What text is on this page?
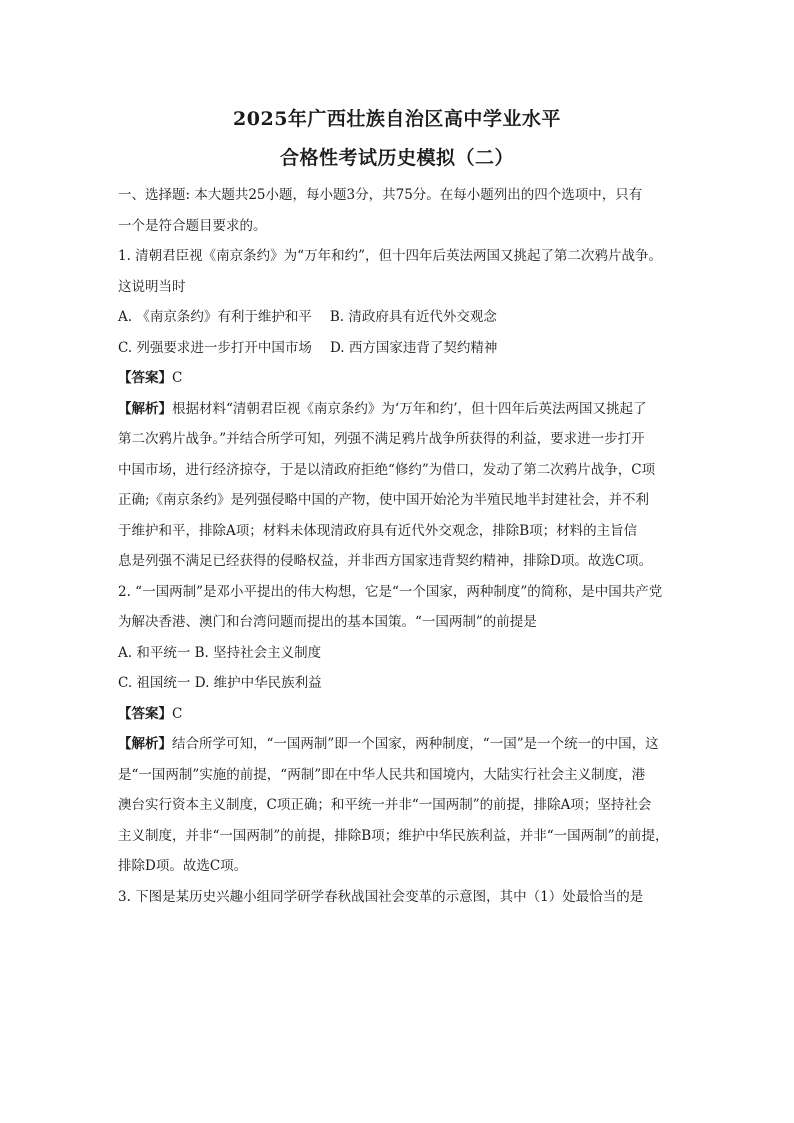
2025年广西壮族自治区高中学业水平
合格性考试历史模拟（二）

一、选择题: 本大题共25小题，每小题3分，共75分。在每小题列出的四个选项中，只有

一个是符合题目要求的。

1. 清朝君臣视《南京条约》为“万年和约”，但十四年后英法两国又挑起了第二次鸦片战争。

这说明当时

A. 《南京条约》有利于维护和平 B. 清政府具有近代外交观念

C. 列强要求进一步打开中国市场 D. 西方国家违背了契约精神

【答案】C

【解析】根据材料“清朝君臣视《南京条约》为‘万年和约’，但十四年后英法两国又挑起了

第二次鸦片战争。”并结合所学可知，列强不满足鸦片战争所获得的利益，要求进一步打开

中国市场，进行经济掠夺，于是以清政府拒绝“修约”为借口，发动了第二次鸦片战争，C项

正确;《南京条约》是列强侵略中国的产物，使中国开始沦为半殖民地半封建社会，并不利

于维护和平，排除A项；材料未体现清政府具有近代外交观念，排除B项；材料的主旨信

息是列强不满足已经获得的侵略权益，并非西方国家违背契约精神，排除D项。故选C项。

2. “一国两制”是邓小平提出的伟大构想，它是“一个国家，两种制度”的简称，是中国共产党

为解决香港、澳门和台湾问题而提出的基本国策。“一国两制”的前提是

A. 和平统一 B. 坚持社会主义制度

C. 祖国统一 D. 维护中华民族利益

【答案】C

【解析】结合所学可知，“一国两制”即一个国家，两种制度，“一国”是一个统一的中国，这

是“一国两制”实施的前提，“两制”即在中华人民共和国境内，大陆实行社会主义制度，港

澳台实行资本主义制度，C项正确；和平统一并非“一国两制”的前提，排除A项；坚持社会

主义制度，并非“一国两制”的前提，排除B项；维护中华民族利益，并非“一国两制”的前提，

排除D项。故选C项。

3. 下图是某历史兴趣小组同学研学春秋战国社会变革的示意图，其中（1）处最恰当的是
